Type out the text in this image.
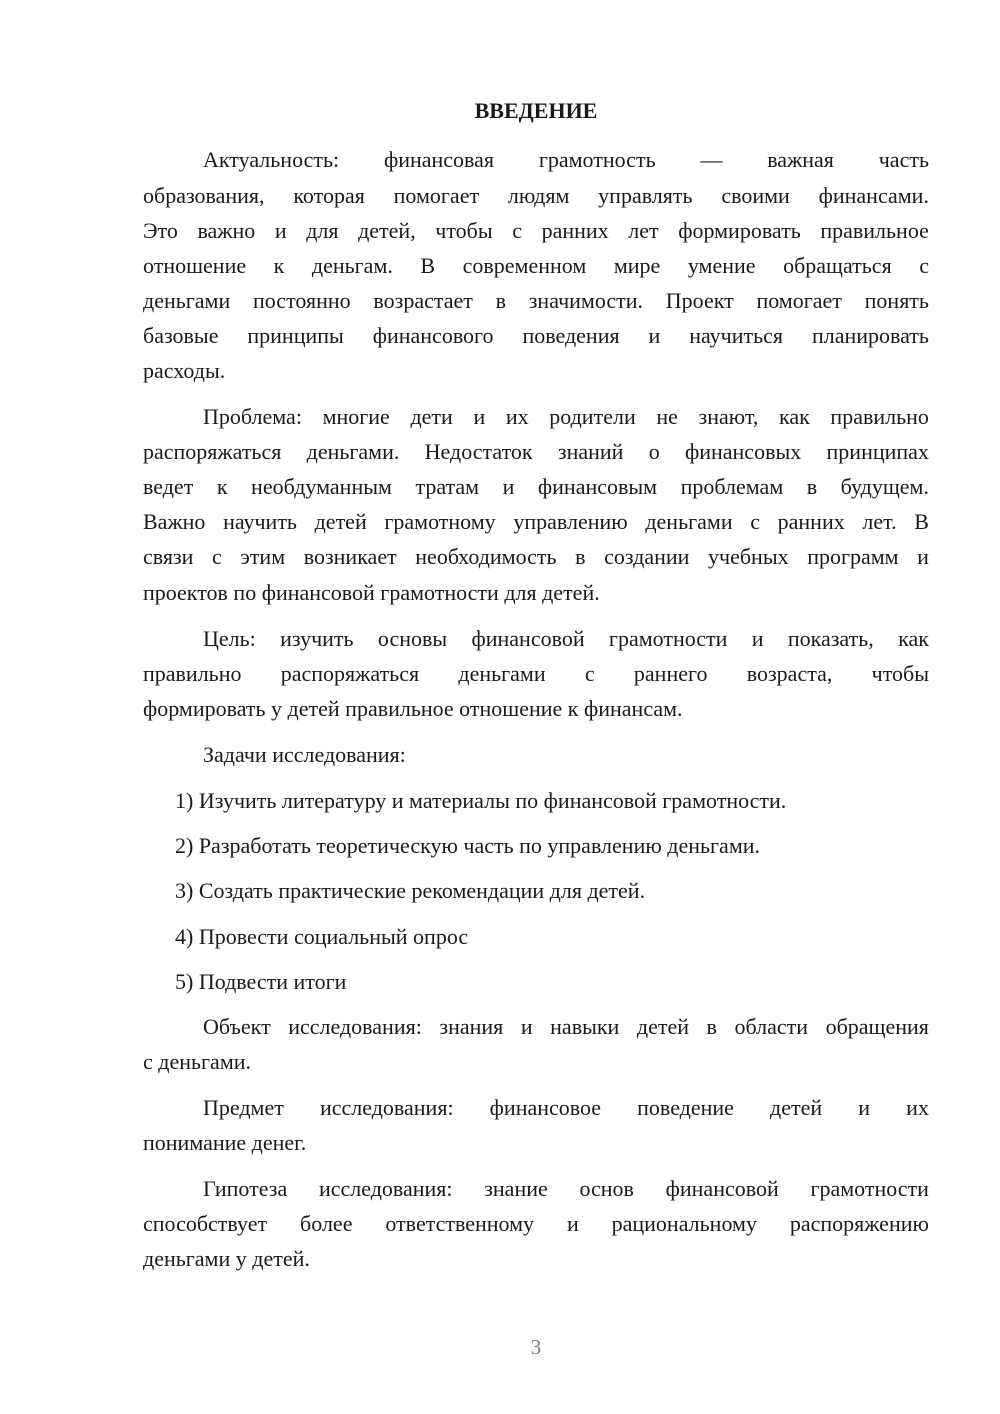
ВВЕДЕНИЕ

Актуальность: финансовая грамотность — важная часть

образования, которая помогает людям управлять своими финансами.

Это важно и для детей, чтобы с ранних лет формировать правильное

отношение к деньгам. В современном мире умение обращаться с

деньгами постоянно возрастает в значимости. Проект помогает понять

базовые принципы финансового поведения и научиться планировать

расходы.

Проблема: многие дети и их родители не знают, как правильно

распоряжаться деньгами. Недостаток знаний о финансовых принципах

ведет к необдуманным тратам и финансовым проблемам в будущем.

Важно научить детей грамотному управлению деньгами с ранних лет. В

связи с этим возникает необходимость в создании учебных программ и

проектов по финансовой грамотности для детей.

Цель: изучить основы финансовой грамотности и показать, как

правильно распоряжаться деньгами с раннего возраста, чтобы

формировать у детей правильное отношение к финансам.

Задачи исследования:

1) Изучить литературу и материалы по финансовой грамотности.

2) Разработать теоретическую часть по управлению деньгами.

3) Создать практические рекомендации для детей.

4) Провести социальный опрос

5) Подвести итоги

Объект исследования: знания и навыки детей в области обращения

с деньгами.

Предмет исследования: финансовое поведение детей и их

понимание денег.

Гипотеза исследования: знание основ финансовой грамотности

способствует более ответственному и рациональному распоряжению

деньгами у детей.

3
